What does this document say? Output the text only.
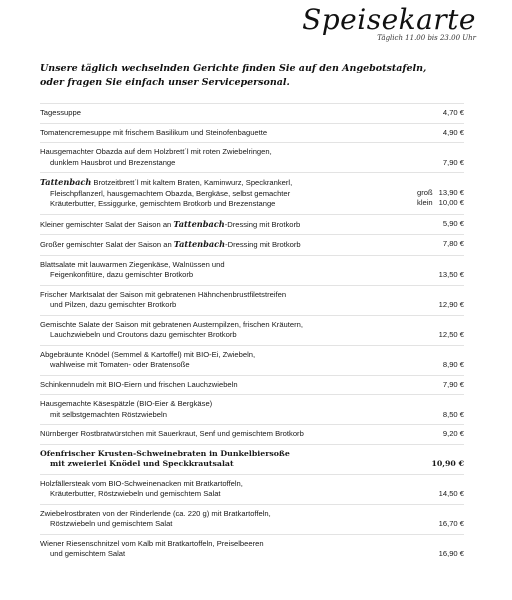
Speisekarte
Täglich 11.00 bis 23.00 Uhr
Unsere täglich wechselnden Gerichte finden Sie auf den Angebotstafeln,
oder fragen Sie einfach unser Servicepersonal.
Tagessuppe	4,70 €
Tomatencremesuppe mit frischem Basilikum und Steinofenbaguette	4,90 €
Hausgemachter Obazda auf dem Holzbrett´l mit roten Zwiebelringen,
dunklem Hausbrot und Brezenstange	7,90 €
Tattenbach Brotzeitbrett´l mit kaltem Braten, Kaminwurz, Speckrankerl,
Fleischpflanzerl, hausgemachtem Obazda, Bergkäse, selbst gemachter
Kräuterbutter, Essiggurke, gemischtem Brotkorb und Brezenstange
groß 13,90 €
klein 10,00 €
Kleiner gemischter Salat der Saison an Tattenbach-Dressing mit Brotkorb	5,90 €
Großer gemischter Salat der Saison an Tattenbach-Dressing mit Brotkorb	7,80 €
Blattsalate mit lauwarmen Ziegenkäse, Walnüssen und
Feigenkonfitüre, dazu gemischter Brotkorb	13,50 €
Frischer Marktsalat der Saison mit gebratenen Hähnchenbrustfiletstreifen
und Pilzen, dazu gemischter Brotkorb	12,90 €
Gemischte Salate der Saison mit gebratenen Austernpilzen, frischen Kräutern,
Lauchzwiebeln und Croutons dazu gemischter Brotkorb	12,50 €
Abgebräunte Knödel (Semmel & Kartoffel) mit BIO-Ei, Zwiebeln,
wahlweise mit Tomaten- oder Bratensoße	8,90 €
Schinkennudeln mit BIO-Eiern und frischen Lauchzwiebeln	7,90 €
Hausgemachte Käsespätzle (BIO-Eier & Bergkäse)
mit selbstgemachten Röstzwiebeln	8,50 €
Nürnberger Rostbratwürstchen mit Sauerkraut, Senf und gemischtem Brotkorb	9,20 €
Ofenfrischer Krusten-Schweinebraten in Dunkelbiersoße
mit zweierlei Knödel und Speckkrautsalat	10,90 €
Holzfällersteak vom BIO-Schweinenacken mit Bratkartoffeln,
Kräuterbutter, Röstzwiebeln und gemischtem Salat	14,50 €
Zwiebelrostbraten von der Rinderlende (ca. 220 g) mit Bratkartoffeln,
Röstzwiebeln und gemischtem Salat	16,70 €
Wiener Riesenschnitzel vom Kalb mit Bratkartoffeln, Preiselbeeren
und gemischtem Salat	16,90 €
